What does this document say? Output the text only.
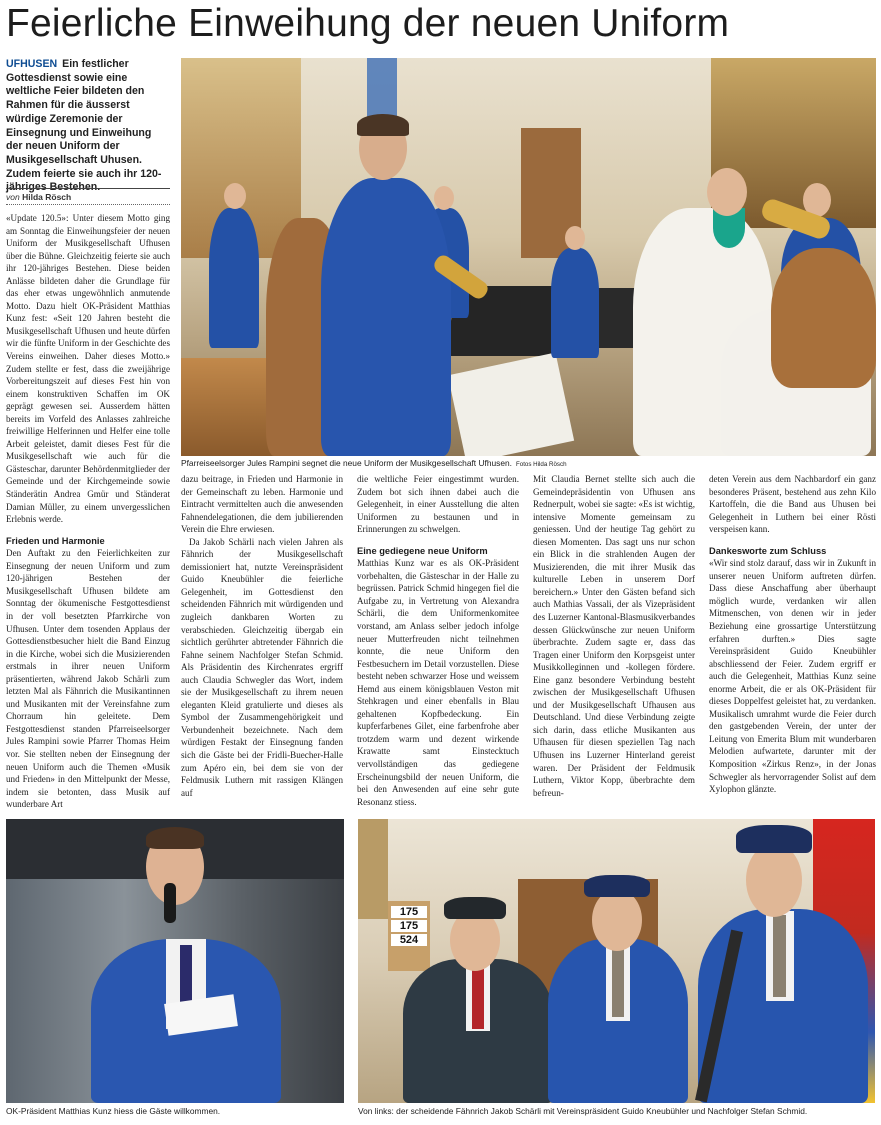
Feierliche Einweihung der neuen Uniform
UFHUSEN Ein festlicher Gottesdienst sowie eine weltliche Feier bildeten den Rahmen für die äusserst würdige Zeremonie der Einsegnung und Einweihung der neuen Uniform der Musikgesellschaft Uhusen. Zudem feierte sie auch ihr 120-jähriges Bestehen.
von Hilda Rösch

«Update 120.5»: Unter diesem Motto ging am Sonntag die Einweihungsfeier der neuen Uniform der Musikgesellschaft Ufhusen über die Bühne. Gleichzeitig feierte sie auch ihr 120-jähriges Bestehen. Diese beiden Anlässe bildeten daher die Grundlage für das eher etwas ungewöhnlich anmutende Motto. Dazu hielt OK-Präsident Matthias Kunz fest: «Seit 120 Jahren besteht die Musikgesellschaft Ufhusen und heute dürfen wir die fünfte Uniform in der Geschichte des Vereins einweihen. Daher dieses Motto.» Zudem stellte er fest, dass die zweijährige Vorbereitungszeit auf dieses Fest hin von einem konstruktiven Schaffen im OK geprägt gewesen sei. Ausserdem hätten bereits im Vorfeld des Anlasses zahlreiche freiwillige Helferinnen und Helfer eine tolle Arbeit geleistet, damit dieses Fest für die Musikgesellschaft wie auch für die Gästeschar, darunter Behördenmitglieder der Gemeinde und der Kirchgemeinde sowie Ständerätin Andrea Gmür und Ständerat Damian Müller, zu einem unvergesslichen Erlebnis werde.

Frieden und Harmonie

Den Auftakt zu den Feierlichkeiten zur Einsegnung der neuen Uniform und zum 120-jährigen Bestehen der Musikgesellschaft Ufhusen bildete am Sonntag der ökumenische Festgottesdienst in der voll besetzten Pfarrkirche von Ufhusen. Unter dem tosenden Applaus der Gottesdienstbesucher hielt die Band Einzug in die Kirche, wobei sich die Musizierenden erstmals in ihrer neuen Uniform präsentierten, während Jakob Schärli zum letzten Mal als Fähnrich die Musikantinnen und Musikanten mit der Vereinsfahne zum Chorraum hin geleitete. Dem Festgottesdienst standen Pfarreiseelsorger Jules Rampini sowie Pfarrer Thomas Heim vor. Sie stellten neben der Einsegnung der neuen Uniform auch die Themen «Musik und Frieden» in den Mittelpunkt der Messe, indem sie betonten, dass Musik auf wunderbare Art

Pfarreiseelsorger Jules Rampini segnet die neue Uniform der Musikgesellschaft Ufhusen. Fotos Hilda Rösch

dazu beitrage, in Frieden und Harmonie in der Gemeinschaft zu leben. Harmonie und Eintracht vermittelten auch die anwesenden Fahnendelegationen, die dem jubilierenden Verein die Ehre erwiesen.

Da Jakob Schärli nach vielen Jahren als Fähnrich der Musikgesellschaft demissioniert hat, nutzte Vereinspräsident Guido Kneubühler die feierliche Gelegenheit, im Gottesdienst den scheidenden Fähnrich mit würdigenden und zugleich dankbaren Worten zu verabschieden. Gleichzeitig übergab ein sichtlich gerührter abtretender Fähnrich die Fahne seinem Nachfolger Stefan Schmid. Als Präsidentin des Kirchenrates ergriff auch Claudia Schwegler das Wort, indem sie der Musikgesellschaft zu ihrem neuen eleganten Kleid gratulierte und dieses als Symbol der Zusammengehörigkeit und Verbundenheit bezeichnete. Nach dem würdigen Festakt der Einsegnung fanden sich die Gäste bei der Fridli-Buecher-Halle zum Apéro ein, bei dem sie von der Feldmusik Luthern mit rassigen Klängen auf

die weltliche Feier eingestimmt wurden. Zudem bot sich ihnen dabei auch die Gelegenheit, in einer Ausstellung die alten Uniformen zu bestaunen und in Erinnerungen zu schwelgen.

Eine gediegene neue Uniform

Matthias Kunz war es als OK-Präsident vorbehalten, die Gästeschar in der Halle zu begrüssen. Patrick Schmid hingegen fiel die Aufgabe zu, in Vertretung von Alexandra Schärli, die dem Uniformenkomitee vorstand, am Anlass selber jedoch infolge neuer Mutterfreuden nicht teilnehmen konnte, die neue Uniform den Festbesuchern im Detail vorzustellen. Diese besteht neben schwarzer Hose und weissem Hemd aus einem königsblauen Veston mit Stehkragen und einer ebenfalls in Blau gehaltenen Kopfbedeckung. Ein kupferfarbenes Gilet, eine farbenfrohe aber trotzdem warm und dezent wirkende Krawatte samt Einstecktuch vervollständigen das gediegene Erscheinungsbild der neuen Uniform, die bei den Anwesenden auf eine sehr gute Resonanz stiess.

Mit Claudia Bernet stellte sich auch die Gemeindepräsidentin von Ufhusen ans Rednerpult, wobei sie sagte: «Es ist wichtig, intensive Momente gemeinsam zu geniessen. Und der heutige Tag gehört zu diesen Momenten. Das sagt uns nur schon ein Blick in die strahlenden Augen der Musizierenden, die mit ihrer Musik das kulturelle Leben in unserem Dorf bereichern.» Unter den Gästen befand sich auch Mathias Vassali, der als Vizepräsident des Luzerner Kantonal-Blasmusikverbandes dessen Glückwünsche zur neuen Uniform überbrachte. Zudem sagte er, dass das Tragen einer Uniform den Korpsgeist unter Musikkolleginnen und -kollegen fördere. Eine ganz besondere Verbindung besteht zwischen der Musikgesellschaft Ufhusen und der Musikgesellschaft Ufhausen aus Deutschland. Und diese Verbindung zeigte sich darin, dass etliche Musikanten aus Ufhausen für diesen speziellen Tag nach Ufhusen ins Luzerner Hinterland gereist waren. Der Präsident der Feldmusik Luthern, Viktor Kopp, überbrachte dem befreun-

deten Verein aus dem Nachbardorf ein ganz besonderes Präsent, bestehend aus zehn Kilo Kartoffeln, die die Band aus Uhusen bei Gelegenheit in Luthern bei einer Rösti verspeisen kann.

Dankesworte zum Schluss

«Wir sind stolz darauf, dass wir in Zukunft in unserer neuen Uniform auftreten dürfen. Dass diese Anschaffung aber überhaupt möglich wurde, verdanken wir allen Mitmenschen, von denen wir in jeder Beziehung eine grossartige Unterstützung erfahren durften.» Dies sagte Vereinspräsident Guido Kneubühler abschliessend der Feier. Zudem ergriff er auch die Gelegenheit, Matthias Kunz seine enorme Arbeit, die er als OK-Präsident für dieses Doppelfest geleistet hat, zu verdanken. Musikalisch umrahmt wurde die Feier durch den gastgebenden Verein, der unter der Leitung von Emerita Blum mit wunderbaren Melodien aufwartete, darunter mit der Komposition «Zirkus Renz», in der Jonas Schwegler als hervorragender Solist auf dem Xylophon glänzte.

OK-Präsident Matthias Kunz hiess die Gäste willkommen.
175
175
524
Von links: der scheidende Fähnrich Jakob Schärli mit Vereinspräsident Guido Kneubühler und Nachfolger Stefan Schmid.
